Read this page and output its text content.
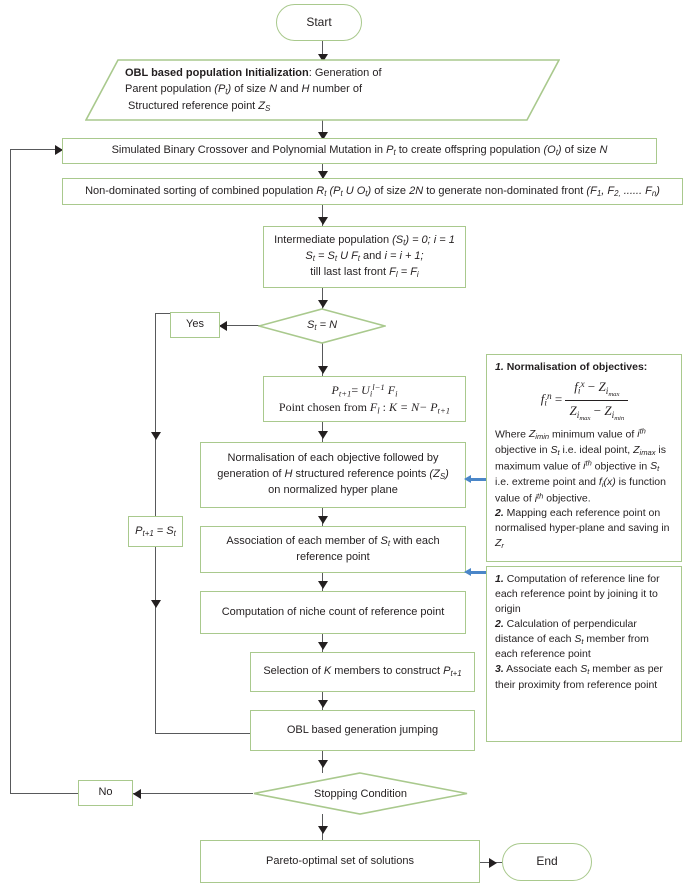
Start
OBL based population Initialization: Generation of
Parent population $(P_t)$ of size N and H number of
Structured reference point $Z_S$
Simulated Binary Crossover and Polynomial Mutation in $P_t$ to create offspring population $(O_t)$ of size N
Non-dominated sorting of combined population $R_t$ ($P_t$ U $O_t$) of size 2N to generate non-dominated front ($F_1$, $F_{2,}$ ...... $F_n$)
Intermediate population $(S_t) = 0$; i = 1
$S_t = S_t$ U $F_t$ and i = i + 1;
till last last front $F_l = F_i$
$S_t = N$
Yes
$P_{t+1} = S_t$
$P_{t+1}= U_i^{l-1}$ $F_i$
Point chosen from $F_l$ : $K = N- P_{t+1}$
Normalisation of each objective followed by
generation of H structured reference points $(Z_S)$
on normalized hyper plane
Association of each member of $S_t$ with each
reference point
Computation of niche count of reference point
Selection of K members to construct $P_{t+1}$
OBL based generation jumping
Stopping Condition
No
Pareto-optimal set of solutions	End
1. Normalisation of objectives:
$f_i^n = \frac{f_i^x - Z_{i_{max}}}{Z_{i_{max}} - Z_{i_{min}}}$
Where $Z_{imin}$ minimum value of $i^{th}$ objective in $S_t$ i.e. ideal point, $Z_{imax}$ is maximum value of $i^{th}$ objective in $S_t$ i.e. extreme point and $f_i(x)$ is function value of $i^{th}$ objective.
2. Mapping each reference point on normalised hyper-plane and saving in $Z_r$
1. Computation of reference line for each reference point by joining it to origin
2. Calculation of perpendicular distance of each $S_t$ member from each reference point
3. Associate each $S_t$ member as per their proximity from reference point
